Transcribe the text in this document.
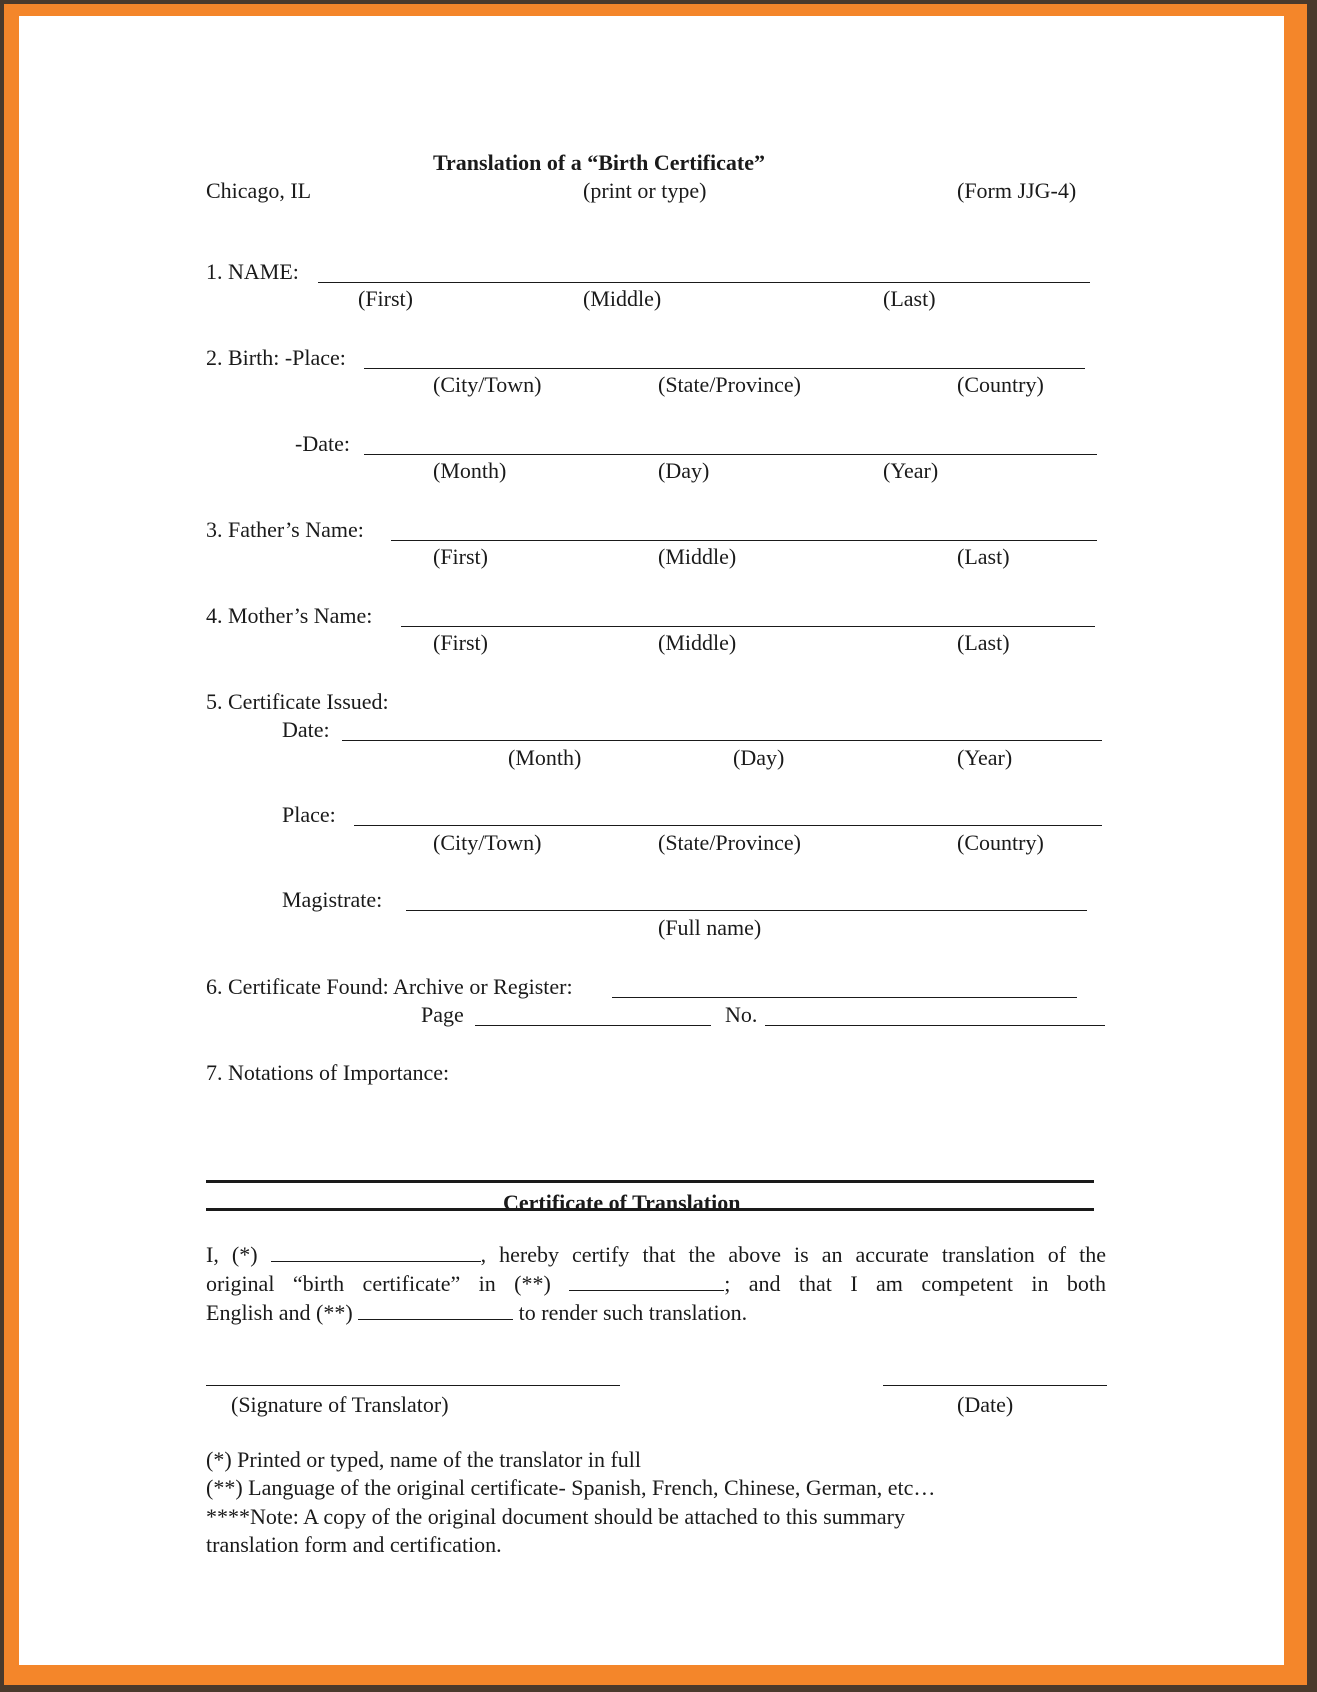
Translation of a “Birth Certificate”
Chicago, IL	(print or type)	(Form JJG-4)
1. NAME:
(First)	(Middle)	(Last)
2. Birth: -Place:
(City/Town)	(State/Province)	(Country)
-Date:
(Month)	(Day)	(Year)
3. Father’s Name:
(First)	(Middle)	(Last)
4. Mother’s Name:
(First)	(Middle)	(Last)
5. Certificate Issued:
Date:
(Month)	(Day)	(Year)
Place:
(City/Town)	(State/Province)	(Country)
Magistrate:
(Full name)
6. Certificate Found: Archive or Register:
Page	No.
7. Notations of Importance:
Certificate of Translation
I, (*)	, hereby certify that the above is an accurate translation of the
original “birth certificate” in (**)	; and that I am competent in both
English and (**)	to render such translation.
(Signature of Translator)	(Date)
(*) Printed or typed, name of the translator in full
(**) Language of the original certificate- Spanish, French, Chinese, German, etc…
****Note: A copy of the original document should be attached to this summary
translation form and certification.
